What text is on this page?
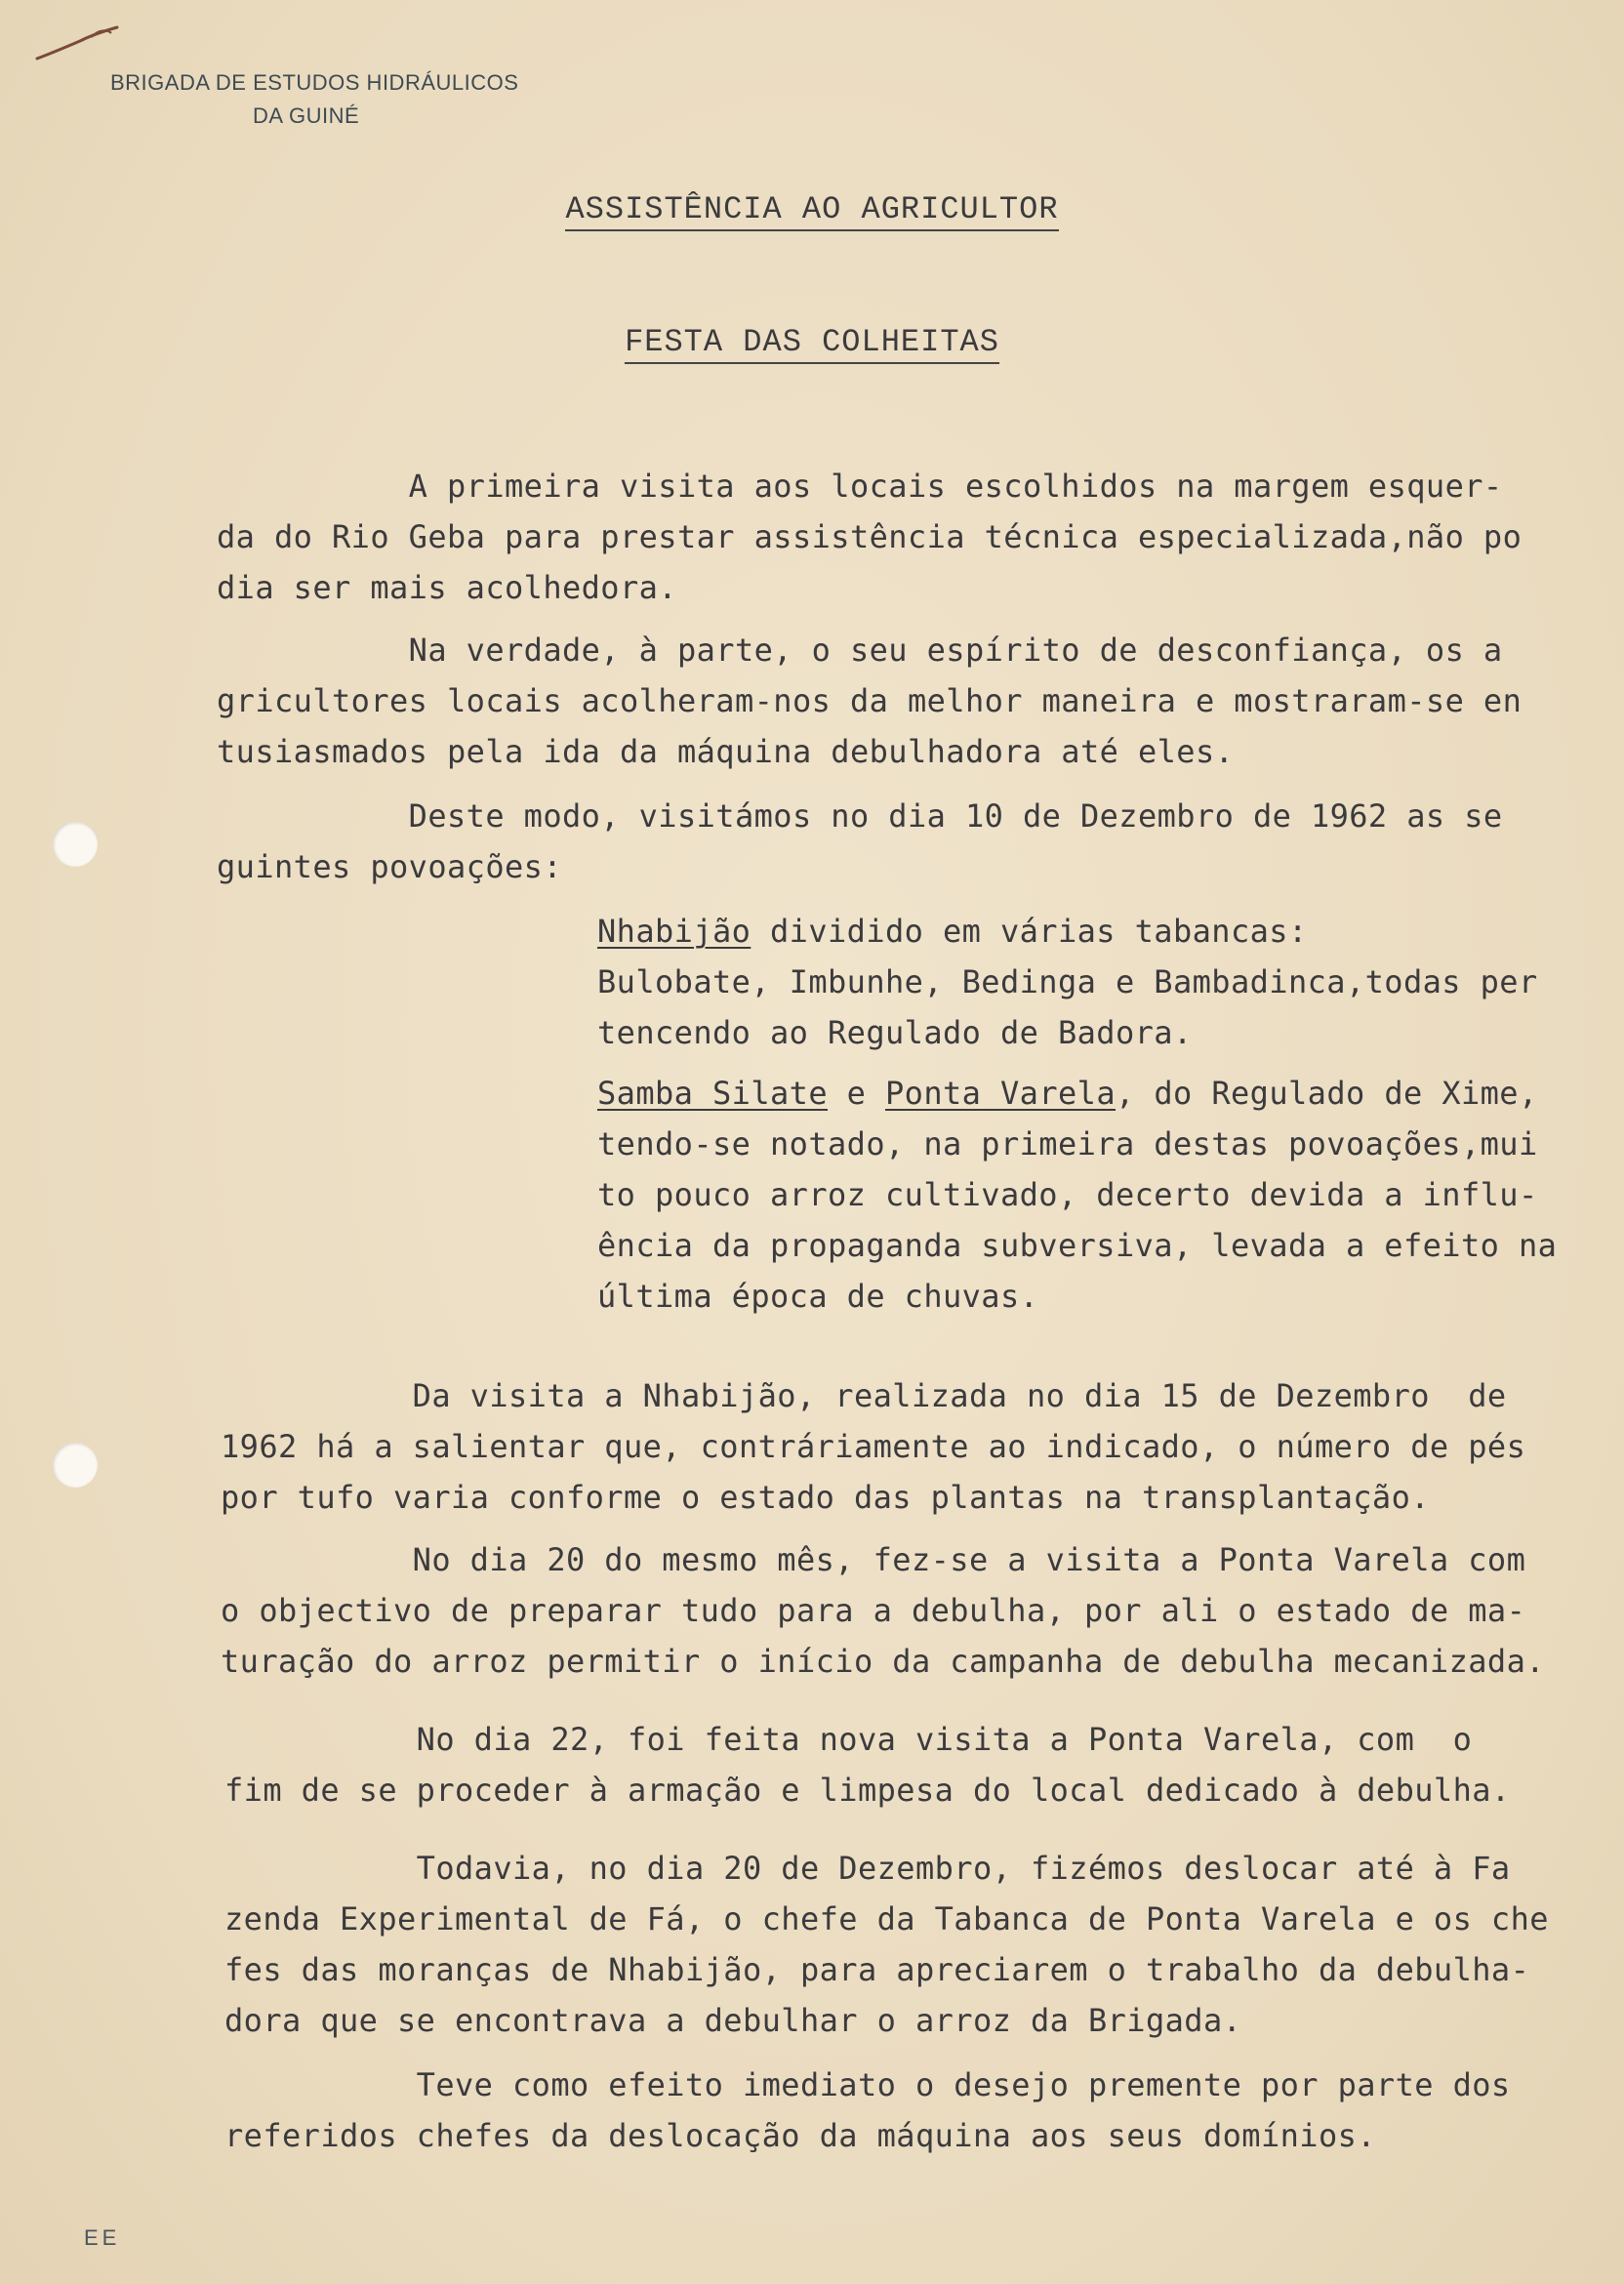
BRIGADA DE ESTUDOS HIDRÁULICOS
DA GUINÉ
ASSISTÊNCIA AO AGRICULTOR
FESTA DAS COLHEITAS
A primeira visita aos locais escolhidos na margem esquer-
da do Rio Geba para prestar assistência técnica especializada,não po
dia ser mais acolhedora.
Na verdade, à parte, o seu espírito de desconfiança, os a
gricultores locais acolheram-nos da melhor maneira e mostraram-se en
tusiasmados pela ida da máquina debulhadora até eles.
Deste modo, visitámos no dia 10 de Dezembro de 1962 as se
guintes povoações:
Nhabijão dividido em várias tabancas:
Bulobate, Imbunhe, Bedinga e Bambadinca,todas per
tencendo ao Regulado de Badora.
Samba Silate e Ponta Varela, do Regulado de Xime,
tendo-se notado, na primeira destas povoações,mui
to pouco arroz cultivado, decerto devida a influ-
ência da propaganda subversiva, levada a efeito na
última época de chuvas.
Da visita a Nhabijão, realizada no dia 15 de Dezembro  de
1962 há a salientar que, contráriamente ao indicado, o número de pés
por tufo varia conforme o estado das plantas na transplantação.
No dia 20 do mesmo mês, fez-se a visita a Ponta Varela com
o objectivo de preparar tudo para a debulha, por ali o estado de ma-
turação do arroz permitir o início da campanha de debulha mecanizada.
No dia 22, foi feita nova visita a Ponta Varela, com  o
fim de se proceder à armação e limpesa do local dedicado à debulha.
Todavia, no dia 20 de Dezembro, fizémos deslocar até à Fa
zenda Experimental de Fá, o chefe da Tabanca de Ponta Varela e os che
fes das moranças de Nhabijão, para apreciarem o trabalho da debulha-
dora que se encontrava a debulhar o arroz da Brigada.
Teve como efeito imediato o desejo premente por parte dos
referidos chefes da deslocação da máquina aos seus domínios.
EE
